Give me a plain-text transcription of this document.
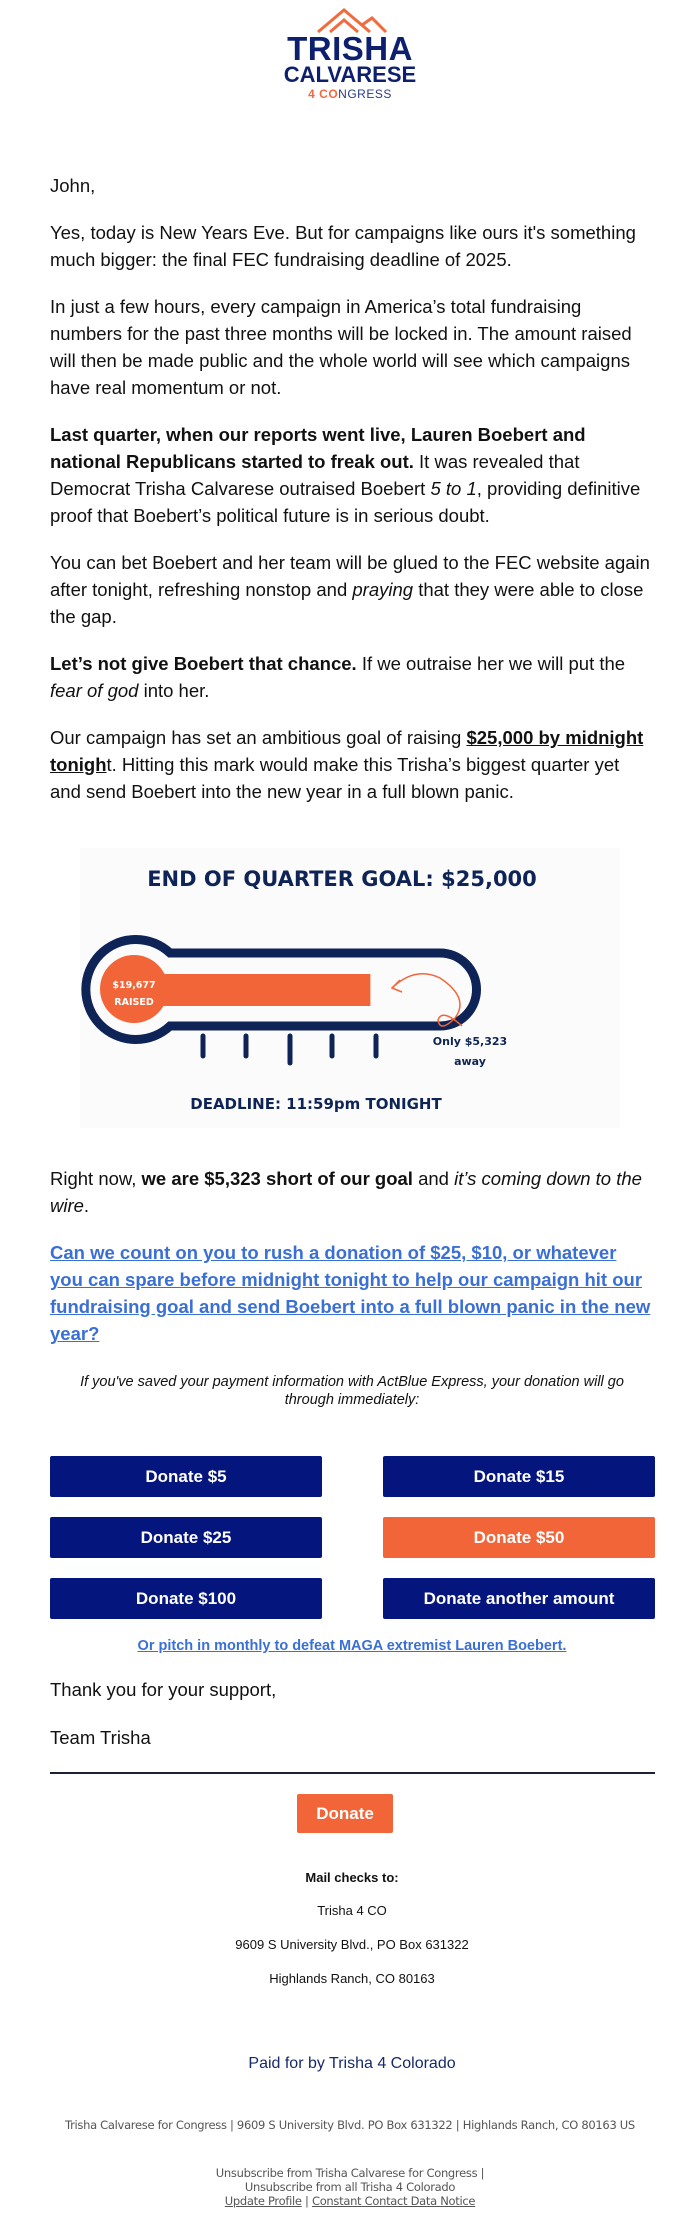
TRISHA
CALVARESE
4 CONGRESS

John,

Yes, today is New Years Eve. But for campaigns like ours it's something much bigger: the final FEC fundraising deadline of 2025.

In just a few hours, every campaign in America’s total fundraising numbers for the past three months will be locked in. The amount raised will then be made public and the whole world will see which campaigns have real momentum or not.

Last quarter, when our reports went live, Lauren Boebert and national Republicans started to freak out. It was revealed that Democrat Trisha Calvarese outraised Boebert 5 to 1, providing definitive proof that Boebert’s political future is in serious doubt.

You can bet Boebert and her team will be glued to the FEC website again after tonight, refreshing nonstop and praying that they were able to close the gap.

Let’s not give Boebert that chance. If we outraise her we will put the fear of god into her.

Our campaign has set an ambitious goal of raising $25,000 by midnight tonight. Hitting this mark would make this Trisha’s biggest quarter yet and send Boebert into the new year in a full blown panic.

END OF QUARTER GOAL: $25,000
$19,677
RAISED
Only $5,323
away
DEADLINE: 11:59pm TONIGHT

Right now, we are $5,323 short of our goal and it’s coming down to the wire.

Can we count on you to rush a donation of $25, $10, or whatever you can spare before midnight tonight to help our campaign hit our fundraising goal and send Boebert into a full blown panic in the new year?

If you've saved your payment information with ActBlue Express, your donation will go through immediately:
Donate $5	Donate $15
Donate $25	Donate $50
Donate $100	Donate another amount
Or pitch in monthly to defeat MAGA extremist Lauren Boebert.
Thank you for your support,
Team Trisha
Donate
Mail checks to:
Trisha 4 CO
9609 S University Blvd., PO Box 631322
Highlands Ranch, CO 80163
Paid for by Trisha 4 Colorado
Trisha Calvarese for Congress | 9609 S University Blvd. PO Box 631322 | Highlands Ranch, CO 80163 US
Unsubscribe from Trisha Calvarese for Congress |
Unsubscribe from all Trisha 4 Colorado
Update Profile | Constant Contact Data Notice
